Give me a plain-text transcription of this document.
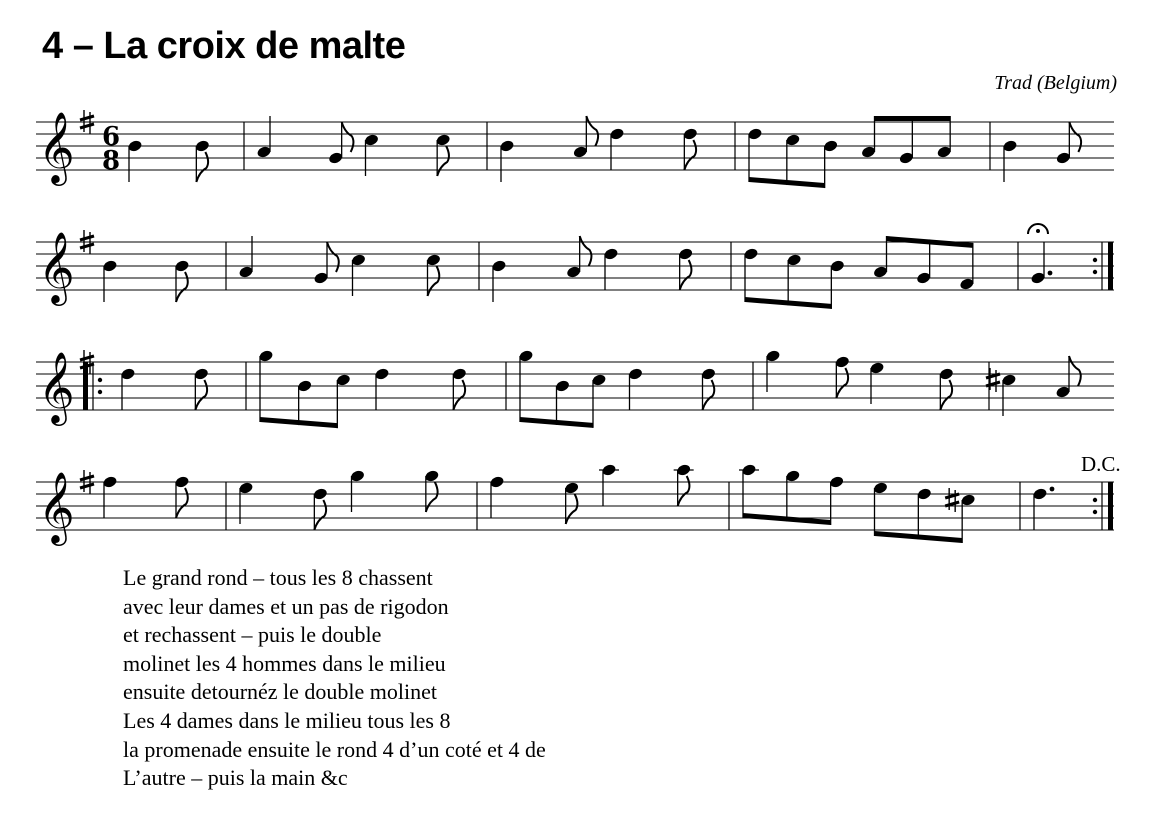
4 – La croix de malte
Trad (Belgium)
𝄞 6
8
𝄞
𝄞
𝄞
D.C.
Le grand rond – tous les 8 chassent
avec leur dames et un pas de rigodon
et rechassent – puis le double
molinet les 4 hommes dans le milieu
ensuite detournéz le double molinet
Les 4 dames dans le milieu tous les 8
la promenade ensuite le rond 4 d’un coté et 4 de
L’autre – puis la main &c
